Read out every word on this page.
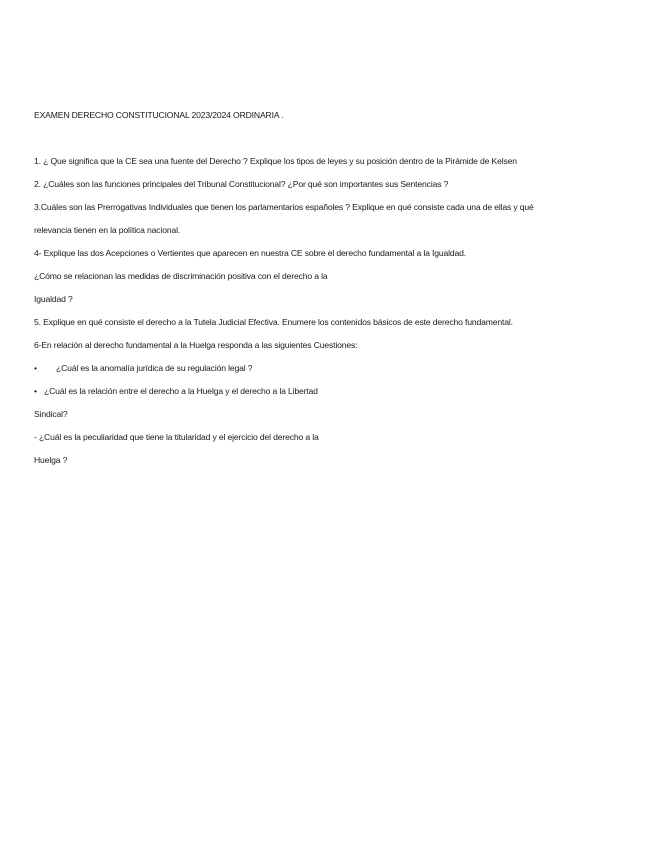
EXAMEN DERECHO CONSTITUCIONAL 2023/2024 ORDINARIA .
1. ¿ Que significa que la CE sea una fuente del Derecho ? Explique los tipos de leyes y su posición dentro de la Pirámide de Kelsen
2. ¿Cuáles son las funciones principales del Tribunal Constitucional? ¿Por qué son importantes sus Sentencias ?
3.Cuáles son las Prerrogativas Individuales que tienen los parlamentarios españoles ? Explique en qué consiste cada una de ellas y qué
relevancia tienen en la política nacional.
4- Explique las dos Acepciones o Vertientes que aparecen en nuestra CE sobre el derecho fundamental a la Igualdad.
¿Cómo se relacionan las medidas de discriminación positiva con el derecho a la
Igualdad ?
5. Explique en qué consiste el derecho a la Tutela Judicial Efectiva. Enumere los contenidos básicos de este derecho fundamental.
6-En relación al derecho fundamental a la Huelga responda a las siguientes Cuestiones:
• ¿Cuál es la anomalía jurídica de su regulación legal ?
• ¿Cuál es la relación entre el derecho a la Huelga y el derecho a la Libertad
Sindical?
- ¿Cuál es la peculiaridad que tiene la titularidad y el ejercicio del derecho a la
Huelga ?
